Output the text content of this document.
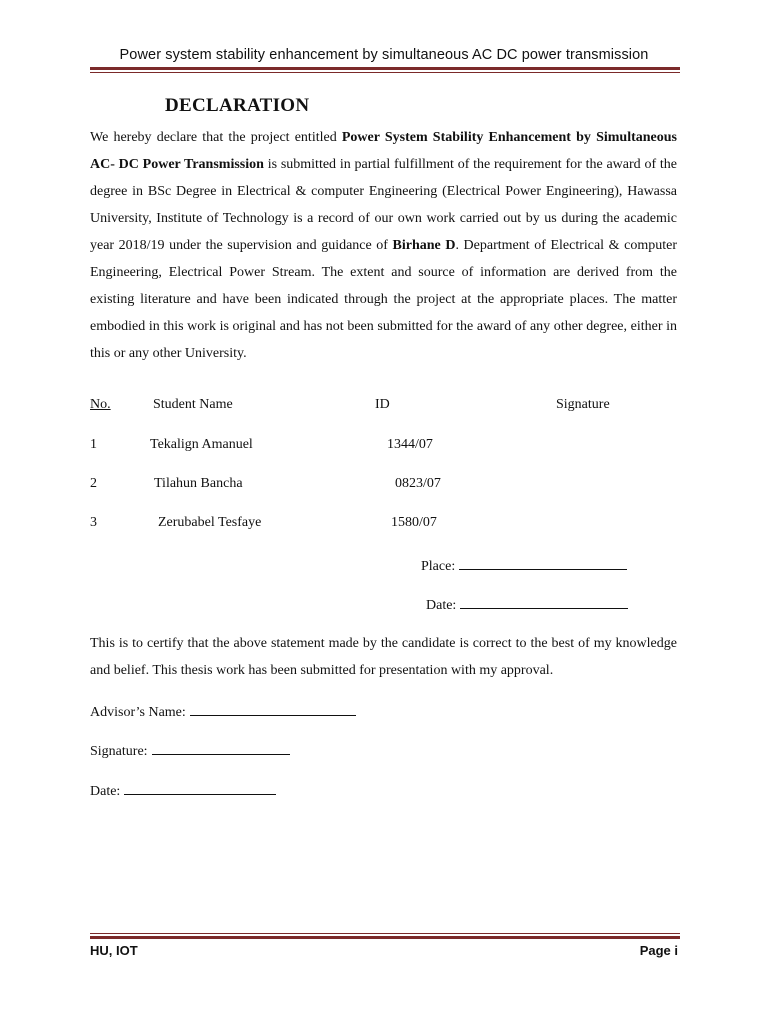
Power system stability enhancement by simultaneous AC DC power transmission
DECLARATION
We hereby declare that the project entitled Power System Stability Enhancement by Simultaneous AC- DC Power Transmission is submitted in partial fulfillment of the requirement for the award of the degree in BSc Degree in Electrical & computer Engineering (Electrical Power Engineering), Hawassa University, Institute of Technology is a record of our own work carried out by us during the academic year 2018/19 under the supervision and guidance of Birhane D. Department of Electrical & computer Engineering, Electrical Power Stream. The extent and source of information are derived from the existing literature and have been indicated through the project at the appropriate places. The matter embodied in this work is original and has not been submitted for the award of any other degree, either in this or any other University.
No.	Student Name	ID	Signature
1	Tekalign Amanuel	1344/07
2	Tilahun Bancha	0823/07
3	Zerubabel Tesfaye	1580/07
Place:
Date:
This is to certify that the above statement made by the candidate is correct to the best of my knowledge and belief. This thesis work has been submitted for presentation with my approval.
Advisor’s Name:
Signature:
Date:
HU, IOT	Page i
